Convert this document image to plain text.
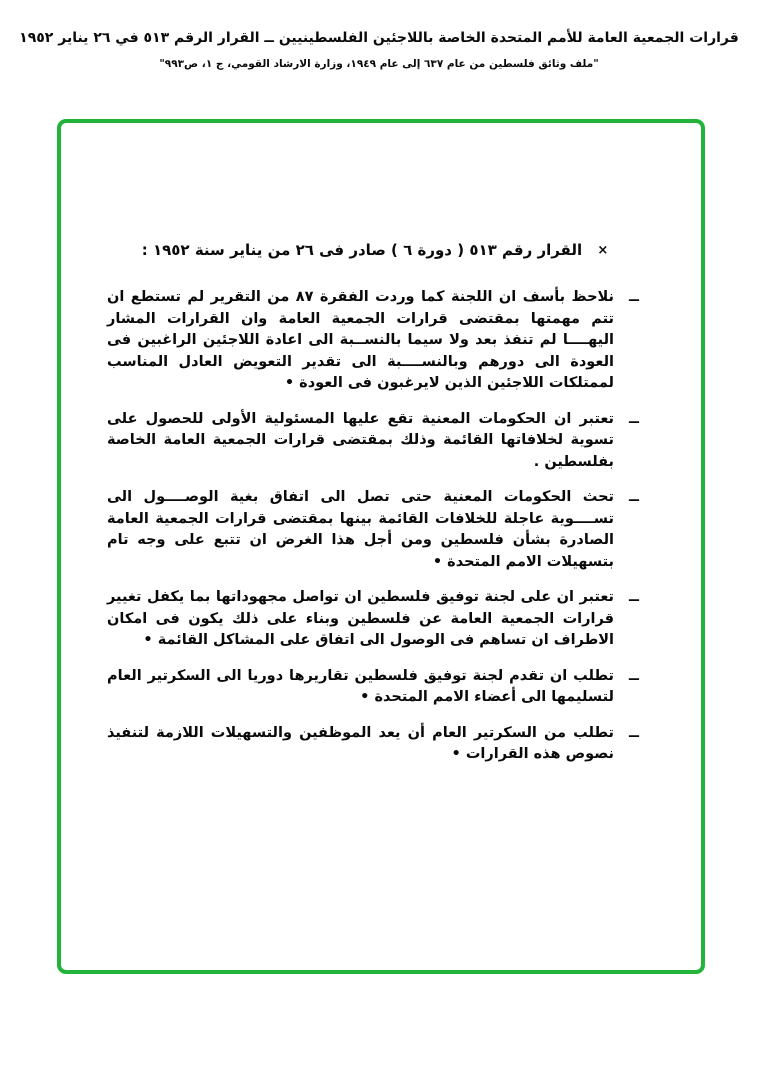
قرارات الجمعية العامة للأمم المتحدة الخاصة باللاجئين الفلسطينيين ــ القرار الرقم ٥١٣ في ٢٦ يناير ١٩٥٢
"ملف وثائق فلسطين من عام ٦٣٧ إلى عام ١٩٤٩، وزارة الارشاد القومي، ج ١، ص٩٩٣"
× القرار رقم ٥١٣ ( دورة ٦ ) صادر فى ٢٦ من يناير سنة ١٩٥٢ :
ــ
نلاحظ بأسف ان اللجنة كما وردت الفقرة ٨٧ من التقرير لم تستطع ان تتم مهمتها بمقتضى قرارات الجمعية العامة وان القرارات المشار اليهــــا لم تنفذ بعد ولا سيما بالنســبة الى اعادة اللاجئين الراغبين فى العودة الى دورهم وبالنســــبة الى تقدير التعويض العادل المناسب لممتلكات اللاجئين الذين لايرغبون فى العودة •
ــ
تعتبر ان الحكومات المعنية تقع عليها المسئولية الأولى للحصول على تسوية لخلافاتها القائمة وذلك بمقتضى قرارات الجمعية العامة الخاصة بفلسطين .
ــ
تحث الحكومات المعنية حتى تصل الى اتفاق بغية الوصــــول الى تســــوية عاجلة للخلافات القائمة بينها بمقتضى قرارات الجمعية العامة الصادرة بشأن فلسطين ومن أجل هذا الغرض ان تتبع على وجه تام بتسهيلات الامم المتحدة •
ــ
تعتبر ان على لجنة توفيق فلسطين ان تواصل مجهوداتها بما يكفل تغيير قرارات الجمعية العامة عن فلسطين وبناء على ذلك يكون فى امكان الاطراف ان تساهم فى الوصول الى اتفاق على المشاكل القائمة •
ــ
تطلب ان تقدم لجنة توفيق فلسطين تقاريرها دوريا الى السكرتير العام لتسليمها الى أعضاء الامم المتحدة •
ــ
تطلب من السكرتير العام أن يعد الموظفين والتسهيلات اللازمة لتنفيذ نصوص هذه القرارات •
